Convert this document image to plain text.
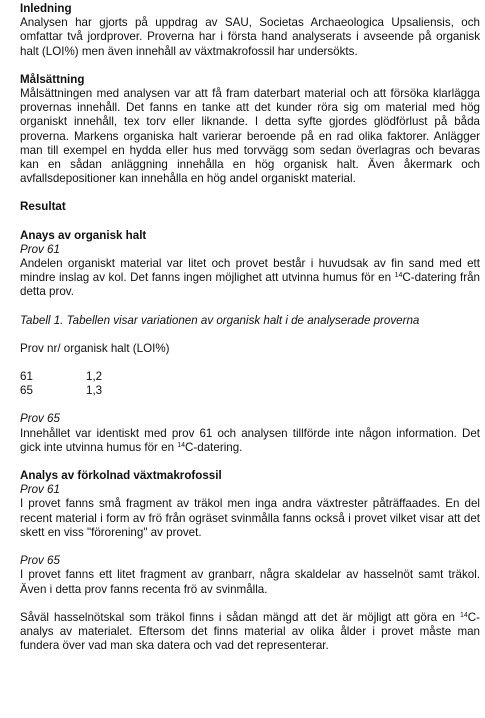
Inledning

Analysen har gjorts på uppdrag av SAU, Societas Archaeologica Upsaliensis, och omfattar två jordprover. Proverna har i första hand analyserats i avseende på organisk halt (LOI%) men även innehåll av växtmakrofossil har undersökts.

Målsättning

Målsättningen med analysen var att få fram daterbart material och att försöka klarlägga provernas innehåll. Det fanns en tanke att det kunder röra sig om material med hög organiskt innehåll, tex torv eller liknande. I detta syfte gjordes glödförlust på båda proverna. Markens organiska halt varierar beroende på en rad olika faktorer. Anlägger man till exempel en hydda eller hus med torvvägg som sedan överlagras och bevaras kan en sådan anläggning innehålla en hög organisk halt. Även åkermark och avfallsdepositioner kan innehålla en hög andel organiskt material.

Resultat

Anays av organisk halt

Prov 61

Andelen organiskt material var litet och provet består i huvudsak av fin sand med ett mindre inslag av kol. Det fanns ingen möjlighet att utvinna humus för en $^{14}$C-datering från detta prov.

Tabell 1. Tabellen visar variationen av organisk halt i de analyserade proverna

Prov nr/ organisk halt (LOI%)

61	1,2
65	1,3

Prov 65

Innehållet var identiskt med prov 61 och analysen tillförde inte någon information. Det gick inte utvinna humus för en $^{14}$C-datering.

Analys av förkolnad växtmakrofossil

Prov 61

I provet fanns små fragment av träkol men inga andra växtrester påträffaades. En del recent material i form av frö från ogräset svinmålla fanns också i provet vilket visar att det skett en viss "förorening" av provet.

Prov 65

I provet fanns ett litet fragment av granbarr, några skaldelar av hasselnöt samt träkol. Även i detta prov fanns recenta frö av svinmålla.

Såväl hasselnötskal som träkol finns i sådan mängd att det är möjligt att göra en $^{14}$C-analys av materialet. Eftersom det finns material av olika ålder i provet måste man fundera över vad man ska datera och vad det representerar.
